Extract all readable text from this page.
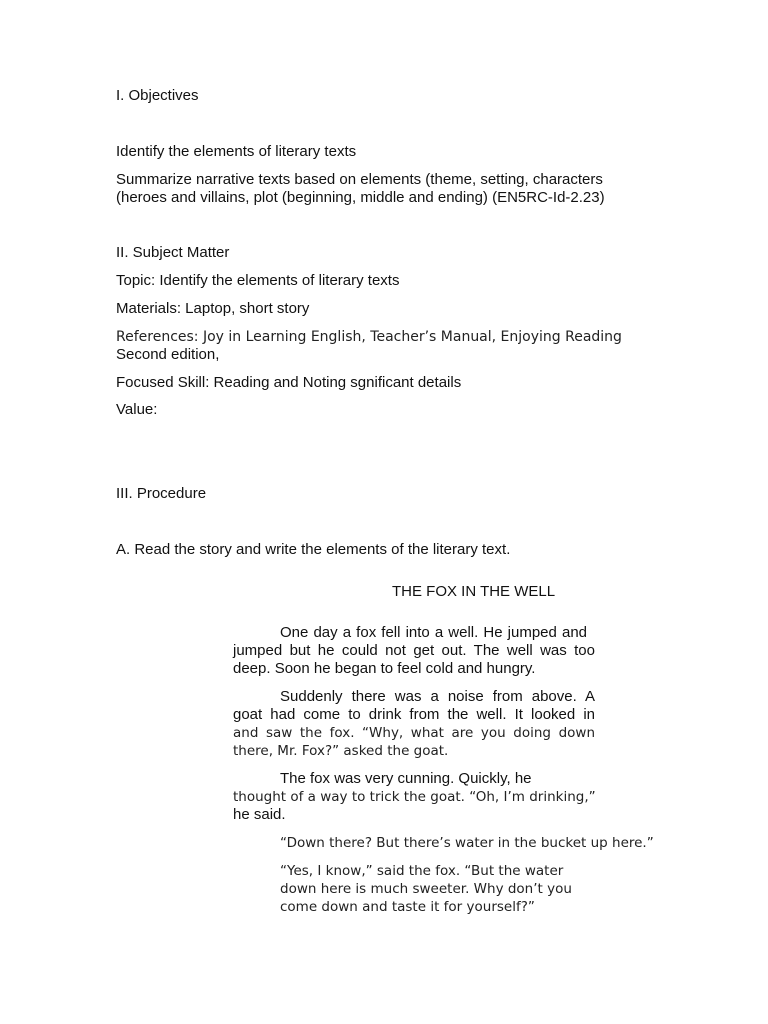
I. Objectives

Identify the elements of literary texts

Summarize narrative texts based on elements (theme, setting, characters

(heroes and villains, plot (beginning, middle and ending) (EN5RC-Id-2.23)

II. Subject Matter

Topic: Identify the elements of literary texts

Materials: Laptop, short story

References: Joy in Learning English, Teacher’s Manual, Enjoying Reading

Second edition,

Focused Skill: Reading and Noting sgnificant details

Value:

III. Procedure

A. Read the story and write the elements of the literary text.

THE FOX IN THE WELL

One day a fox fell into a well. He jumped and
jumped but he could not get out. The well was too
deep. Soon he began to feel cold and hungry.
Suddenly there was a noise from above. A
goat had come to drink from the well. It looked in
and saw the fox. “Why, what are you doing down
there, Mr. Fox?” asked the goat.
The fox was very cunning. Quickly, he
thought of a way to trick the goat. “Oh, I’m drinking,”
he said.
“Down there? But there’s water in the bucket up here.”
“Yes, I know,” said the fox. “But the water
down here is much sweeter. Why don’t you
come down and taste it for yourself?”
